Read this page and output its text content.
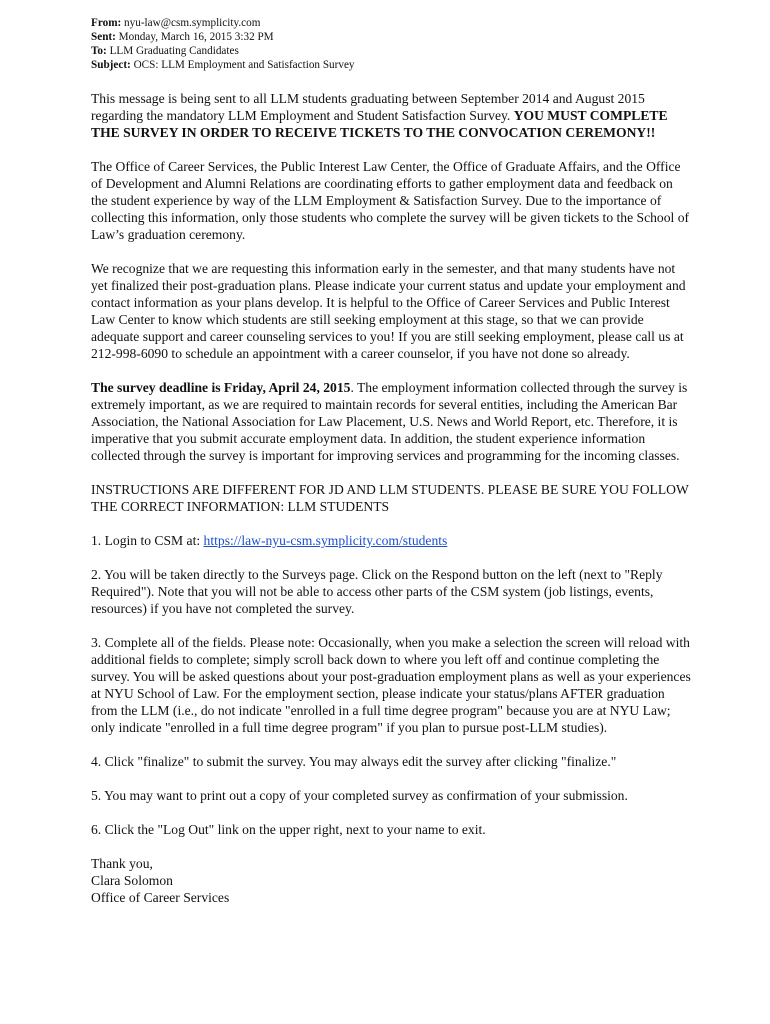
From: nyu-law@csm.symplicity.com
Sent: Monday, March 16, 2015 3:32 PM
To: LLM Graduating Candidates
Subject: OCS: LLM Employment and Satisfaction Survey

This message is being sent to all LLM students graduating between September 2014 and August 2015 regarding the mandatory LLM Employment and Student Satisfaction Survey. YOU MUST COMPLETE THE SURVEY IN ORDER TO RECEIVE TICKETS TO THE CONVOCATION CEREMONY!!

The Office of Career Services, the Public Interest Law Center, the Office of Graduate Affairs, and the Office of Development and Alumni Relations are coordinating efforts to gather employment data and feedback on the student experience by way of the LLM Employment & Satisfaction Survey. Due to the importance of collecting this information, only those students who complete the survey will be given tickets to the School of Law’s graduation ceremony.

We recognize that we are requesting this information early in the semester, and that many students have not yet finalized their post-graduation plans. Please indicate your current status and update your employment and contact information as your plans develop. It is helpful to the Office of Career Services and Public Interest Law Center to know which students are still seeking employment at this stage, so that we can provide adequate support and career counseling services to you! If you are still seeking employment, please call us at 212-998-6090 to schedule an appointment with a career counselor, if you have not done so already.

The survey deadline is Friday, April 24, 2015. The employment information collected through the survey is extremely important, as we are required to maintain records for several entities, including the American Bar Association, the National Association for Law Placement, U.S. News and World Report, etc. Therefore, it is imperative that you submit accurate employment data. In addition, the student experience information collected through the survey is important for improving services and programming for the incoming classes.

INSTRUCTIONS ARE DIFFERENT FOR JD AND LLM STUDENTS. PLEASE BE SURE YOU FOLLOW THE CORRECT INFORMATION: LLM STUDENTS

1. Login to CSM at: https://law-nyu-csm.symplicity.com/students

2. You will be taken directly to the Surveys page. Click on the Respond button on the left (next to "Reply Required"). Note that you will not be able to access other parts of the CSM system (job listings, events, resources) if you have not completed the survey.

3. Complete all of the fields. Please note: Occasionally, when you make a selection the screen will reload with additional fields to complete; simply scroll back down to where you left off and continue completing the survey. You will be asked questions about your post-graduation employment plans as well as your experiences at NYU School of Law. For the employment section, please indicate your status/plans AFTER graduation from the LLM (i.e., do not indicate "enrolled in a full time degree program" because you are at NYU Law; only indicate "enrolled in a full time degree program" if you plan to pursue post-LLM studies).

4. Click "finalize" to submit the survey. You may always edit the survey after clicking "finalize."

5. You may want to print out a copy of your completed survey as confirmation of your submission.

6. Click the "Log Out" link on the upper right, next to your name to exit.

Thank you,
Clara Solomon
Office of Career Services
